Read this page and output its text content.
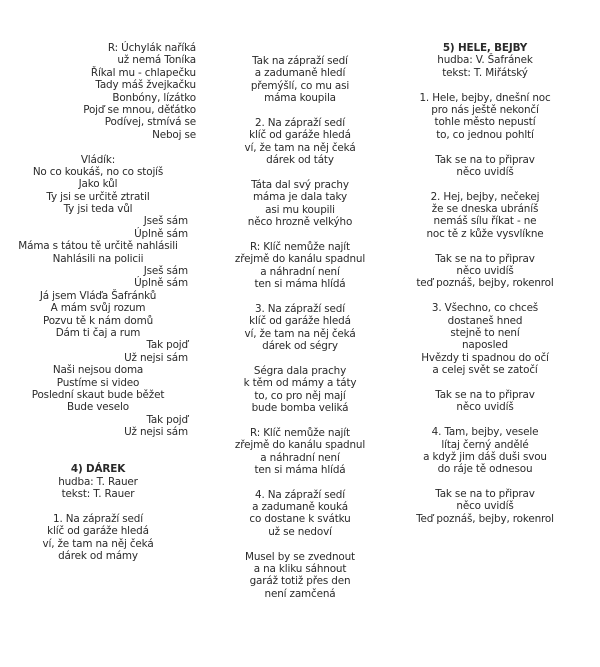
R: Úchylák naříká
už nemá Toníka
Říkal mu - chlapečku
Tady máš žvejkačku
Bonbóny, lízátko
Pojď se mnou, děťátko
Podívej, stmívá se
Neboj se
Vládík:
No co koukáš, no co stojíš
Jako kůl
Ty jsi se určitě ztratil
Ty jsi teda vůl
Jseš sám
Úplně sám
Máma s tátou tě určitě nahlásili
Nahlásili na policii
Jseš sám
Úplně sám
Já jsem Vláďa Šafránků
A mám svůj rozum
Pozvu tě k nám domů
Dám ti čaj a rum
Tak pojď
Už nejsi sám
Naši nejsou doma
Pustíme si video
Poslední skaut bude běžet
Bude veselo
Tak pojď
Už nejsi sám
4) DÁREK
hudba: T. Rauer
tekst: T. Rauer
1. Na zápraží sedí
klíč od garáže hledá
ví, že tam na něj čeká
dárek od mámy
Tak na zápraží sedí
a zadumaně hledí
přemýšlí, co mu asi
máma koupila
2. Na zápraží sedí
klíč od garáže hledá
ví, že tam na něj čeká
dárek od táty
Táta dal svý prachy
máma je dala taky
asi mu koupili
něco hrozně velkýho
R: Klíč nemůže najít
zřejmě do kanálu spadnul
a náhradní není
ten si máma hlídá
3. Na zápraží sedí
klíč od garáže hledá
ví, že tam na něj čeká
dárek od ségry
Ségra dala prachy
k těm od mámy a táty
to, co pro něj mají
bude bomba veliká
R: Klíč nemůže najít
zřejmě do kanálu spadnul
a náhradní není
ten si máma hlídá
4. Na zápraží sedí
a zadumaně kouká
co dostane k svátku
už se nedoví
Musel by se zvednout
a na kliku sáhnout
garáž totiž přes den
není zamčená
5) HELE, BEJBY
hudba: V. Šafránek
tekst: T. Miřátský
1. Hele, bejby, dnešní noc
pro nás ještě nekončí
tohle město nepustí
to, co jednou pohltí
Tak se na to připrav
něco uvidíš
2. Hej, bejby, nečekej
že se dneska ubráníš
nemáš sílu říkat - ne
noc tě z kůže vysvlíkne
Tak se na to připrav
něco uvidíš
teď poznáš, bejby, rokenrol
3. Všechno, co chceš
dostaneš hned
stejně to není
naposled
Hvězdy ti spadnou do očí
a celej svět se zatočí
Tak se na to připrav
něco uvidíš
4. Tam, bejby, vesele
lítaj černý andělé
a když jim dáš duši svou
do ráje tě odnesou
Tak se na to připrav
něco uvidíš
Teď poznáš, bejby, rokenrol
